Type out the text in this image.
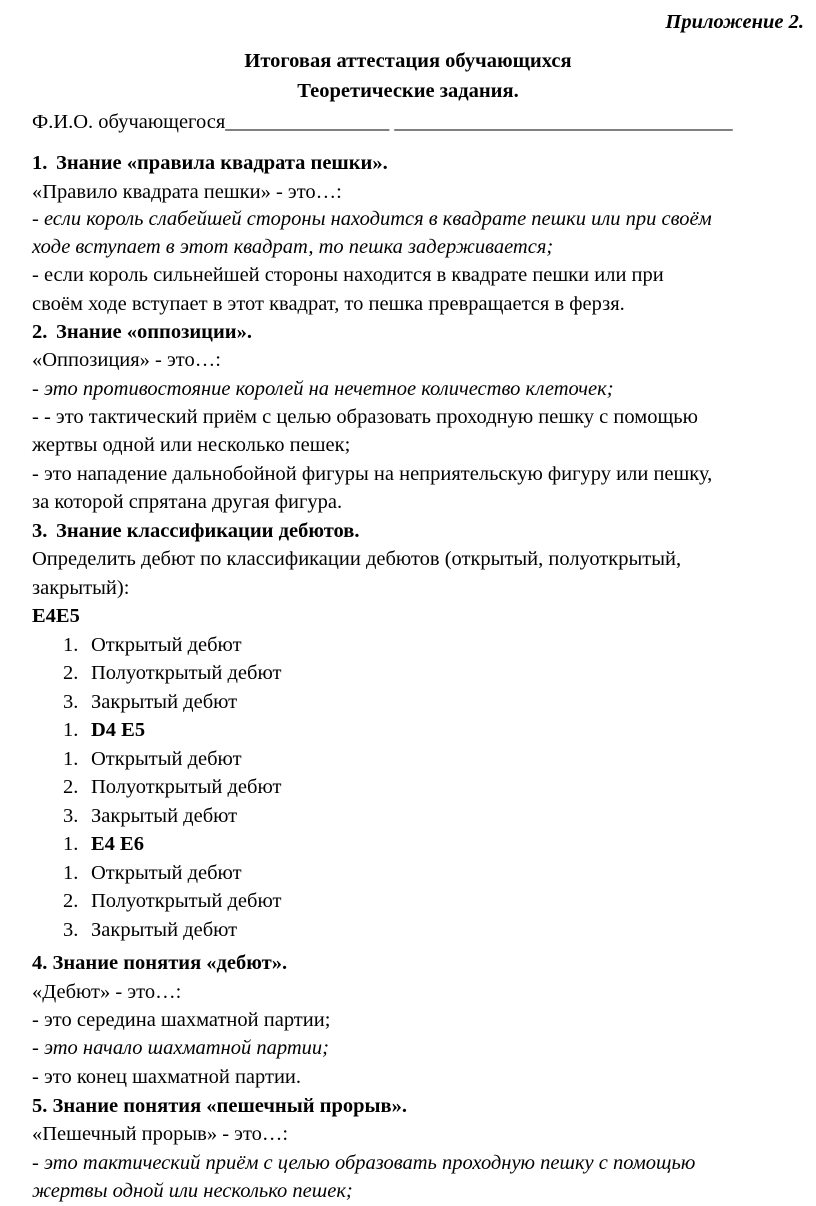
Приложение 2.
Итоговая аттестация обучающихся
Теоретические задания.
Ф.И.О. обучающегося________________ _________________________________
1. Знание «правила квадрата пешки».
«Правило квадрата пешки» - это…:
- если король слабейшей стороны находится в квадрате пешки или при своём
ходе вступает в этот квадрат, то пешка задерживается;
- если король сильнейшей стороны находится в квадрате пешки или при
своём ходе вступает в этот квадрат, то пешка превращается в ферзя.
2. Знание «оппозиции».
«Оппозиция» - это…:
- это противостояние королей на нечетное количество клеточек;
- - это тактический приём с целью образовать проходную пешку с помощью
жертвы одной или несколько пешек;
- это нападение дальнобойной фигуры на неприятельскую фигуру или пешку,
за которой спрятана другая фигура.
3. Знание классификации дебютов.
Определить дебют по классификации дебютов (открытый, полуоткрытый,
закрытый):
Е4Е5
1. Открытый дебют
2. Полуоткрытый дебют
3. Закрытый дебют
1. D4 E5
1. Открытый дебют
2. Полуоткрытый дебют
3. Закрытый дебют
1. E4 E6
1. Открытый дебют
2. Полуоткрытый дебют
3. Закрытый дебют
4. Знание понятия «дебют».
«Дебют» - это…:
- это середина шахматной партии;
- это начало шахматной партии;
- это конец шахматной партии.
5. Знание понятия «пешечный прорыв».
«Пешечный прорыв» - это…:
- это тактический приём с целью образовать проходную пешку с помощью
жертвы одной или несколько пешек;
